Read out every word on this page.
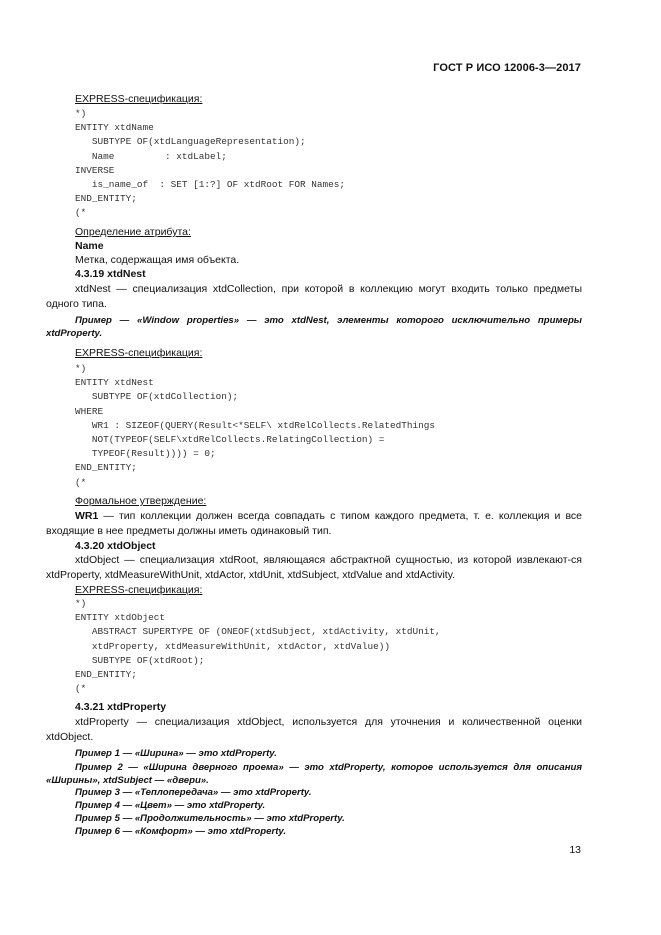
ГОСТ Р ИСО 12006-3—2017
EXPRESS-спецификация:
*)
ENTITY xtdName
SUBTYPE OF(xtdLanguageRepresentation);
Name         : xtdLabel;
INVERSE
is_name_of  : SET [1:?] OF xtdRoot FOR Names;
END_ENTITY;
(*
Определение атрибута:
Name
Метка, содержащая имя объекта.
4.3.19 xtdNest
xtdNest — специализация xtdCollection, при которой в коллекцию могут входить только предметы одного типа.
Пример — «Window properties» — это xtdNest, элементы которого исключительно примеры xtdProperty.
EXPRESS-спецификация:
*)
ENTITY xtdNest
SUBTYPE OF(xtdCollection);
WHERE
WR1 : SIZEOF(QUERY(Result<*SELF\ xtdRelCollects.RelatedThings
NOT(TYPEOF(SELF\xtdRelCollects.RelatingCollection) =
TYPEOF(Result)))) = 0;
END_ENTITY;
(*
Формальное утверждение:
WR1 — тип коллекции должен всегда совпадать с типом каждого предмета, т. е. коллекция и все входящие в нее предметы должны иметь одинаковый тип.
4.3.20 xtdObject
xtdObject — специализация xtdRoot, являющаяся абстрактной сущностью, из которой извлекают-ся xtdProperty, xtdMeasureWithUnit, xtdActor, xtdUnit, xtdSubject, xtdValue and xtdActivity.
EXPRESS-спецификация:
*)
ENTITY xtdObject
ABSTRACT SUPERTYPE OF (ONEOF(xtdSubject, xtdActivity, xtdUnit,
xtdProperty, xtdMeasureWithUnit, xtdActor, xtdValue))
SUBTYPE OF(xtdRoot);
END_ENTITY;
(*
4.3.21 xtdProperty
xtdProperty — специализация xtdObject, используется для уточнения и количественной оценки xtdObject.
Пример 1 — «Ширина» — это xtdProperty.
Пример 2 — «Ширина дверного проема» — это xtdProperty, которое используется для описания «Ширины», xtdSubject — «двери».
Пример 3 — «Теплопередача» — это xtdProperty.
Пример 4 — «Цвет» — это xtdProperty.
Пример 5 — «Продолжительность» — это xtdProperty.
Пример 6 — «Комфорт» — это xtdProperty.
13
